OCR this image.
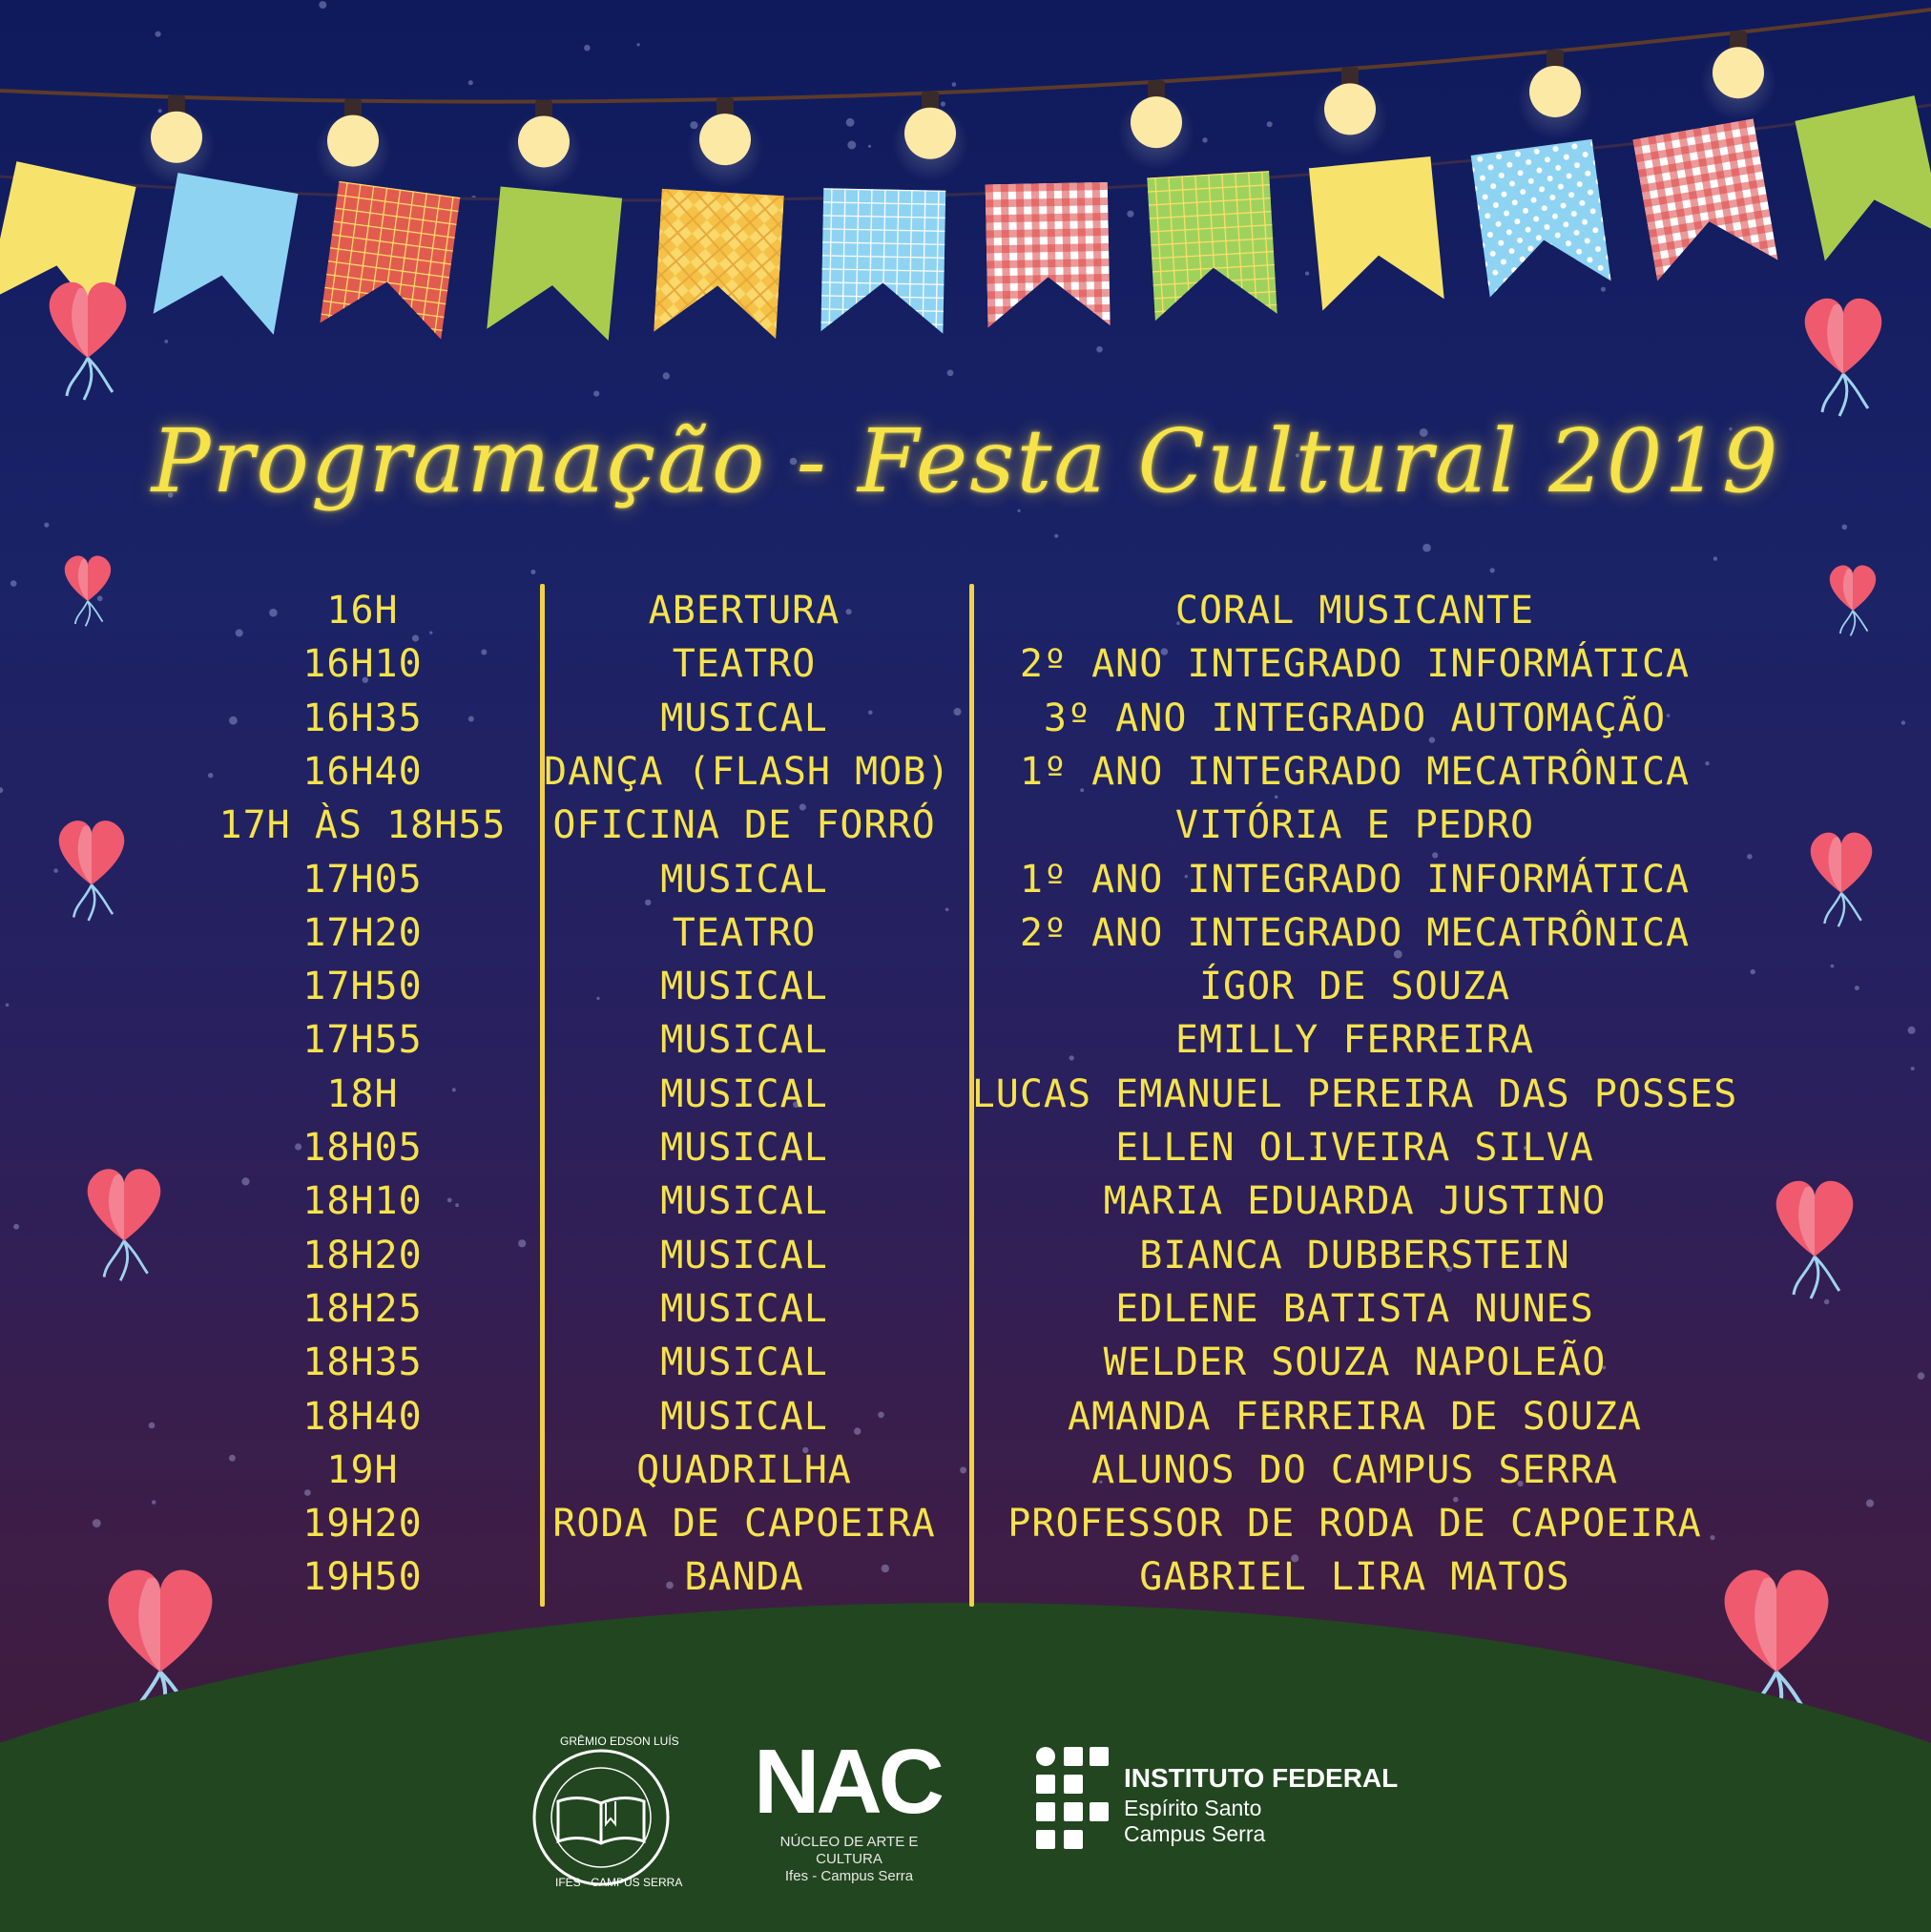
Programação - Festa Cultural 2019
16H	ABERTURA	CORAL MUSICANTE
16H10	TEATRO	2º ANO INTEGRADO INFORMÁTICA
16H35	MUSICAL	3º ANO INTEGRADO AUTOMAÇÃO
16H40	DANÇA (FLASH MOB)	1º ANO INTEGRADO MECATRÔNICA
17H ÀS 18H55	OFICINA DE FORRÓ	VITÓRIA E PEDRO
17H05	MUSICAL	1º ANO INTEGRADO INFORMÁTICA
17H20	TEATRO	2º ANO INTEGRADO MECATRÔNICA
17H50	MUSICAL	ÍGOR DE SOUZA
17H55	MUSICAL	EMILLY FERREIRA
18H	MUSICAL	LUCAS EMANUEL PEREIRA DAS POSSES
18H05	MUSICAL	ELLEN OLIVEIRA SILVA
18H10	MUSICAL	MARIA EDUARDA JUSTINO
18H20	MUSICAL	BIANCA DUBBERSTEIN
18H25	MUSICAL	EDLENE BATISTA NUNES
18H35	MUSICAL	WELDER SOUZA NAPOLEÃO
18H40	MUSICAL	AMANDA FERREIRA DE SOUZA
19H	QUADRILHA	ALUNOS DO CAMPUS SERRA
19H20	RODA DE CAPOEIRA	PROFESSOR DE RODA DE CAPOEIRA
19H50	BANDA	GABRIEL LIRA MATOS
GRÊMIO EDSON LUÍS
IFES - CAMPUS SERRA
NAC
NÚCLEO DE ARTE E CULTURA
Ifes - Campus Serra
INSTITUTO FEDERAL
Espírito Santo
Campus Serra
